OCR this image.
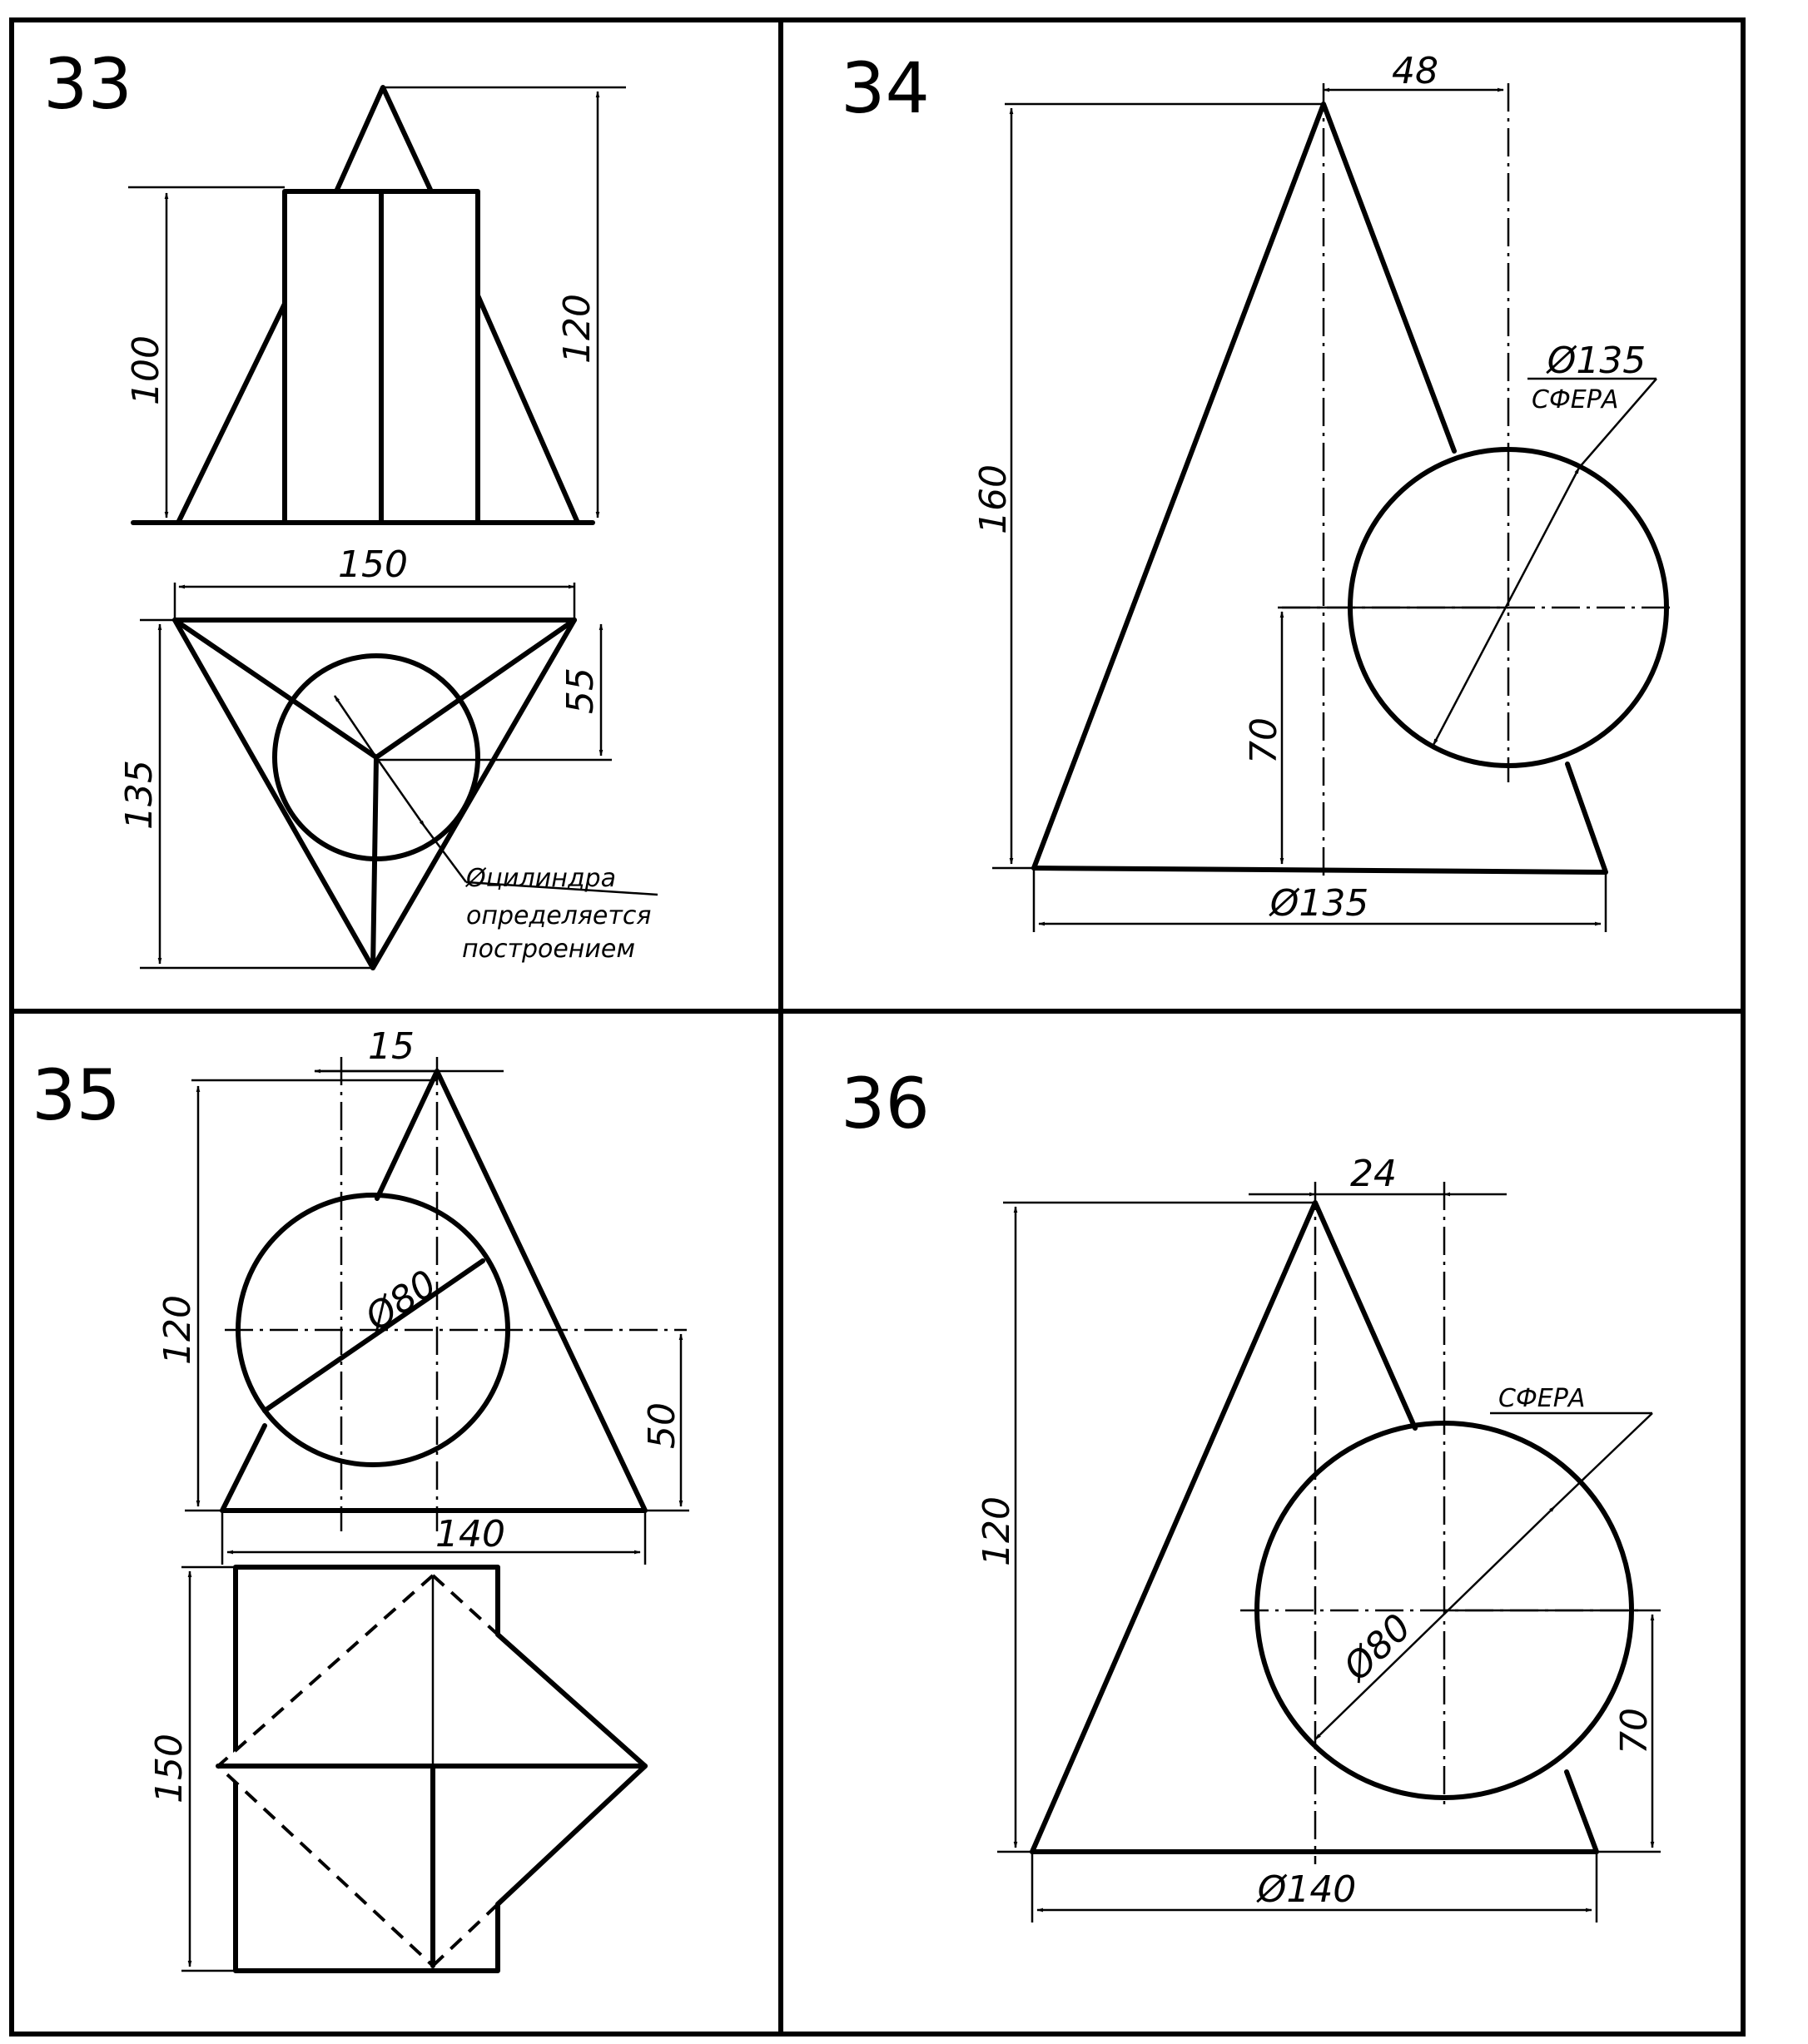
33
100
120
150
135
55
Øцилиндра
определяется
построением
34	48
160
70
Ø135
Ø135
СФЕРА
35
15
120
50
140
Ø80
150
36
24
120
70
Ø140
Ø80
СФЕРА
